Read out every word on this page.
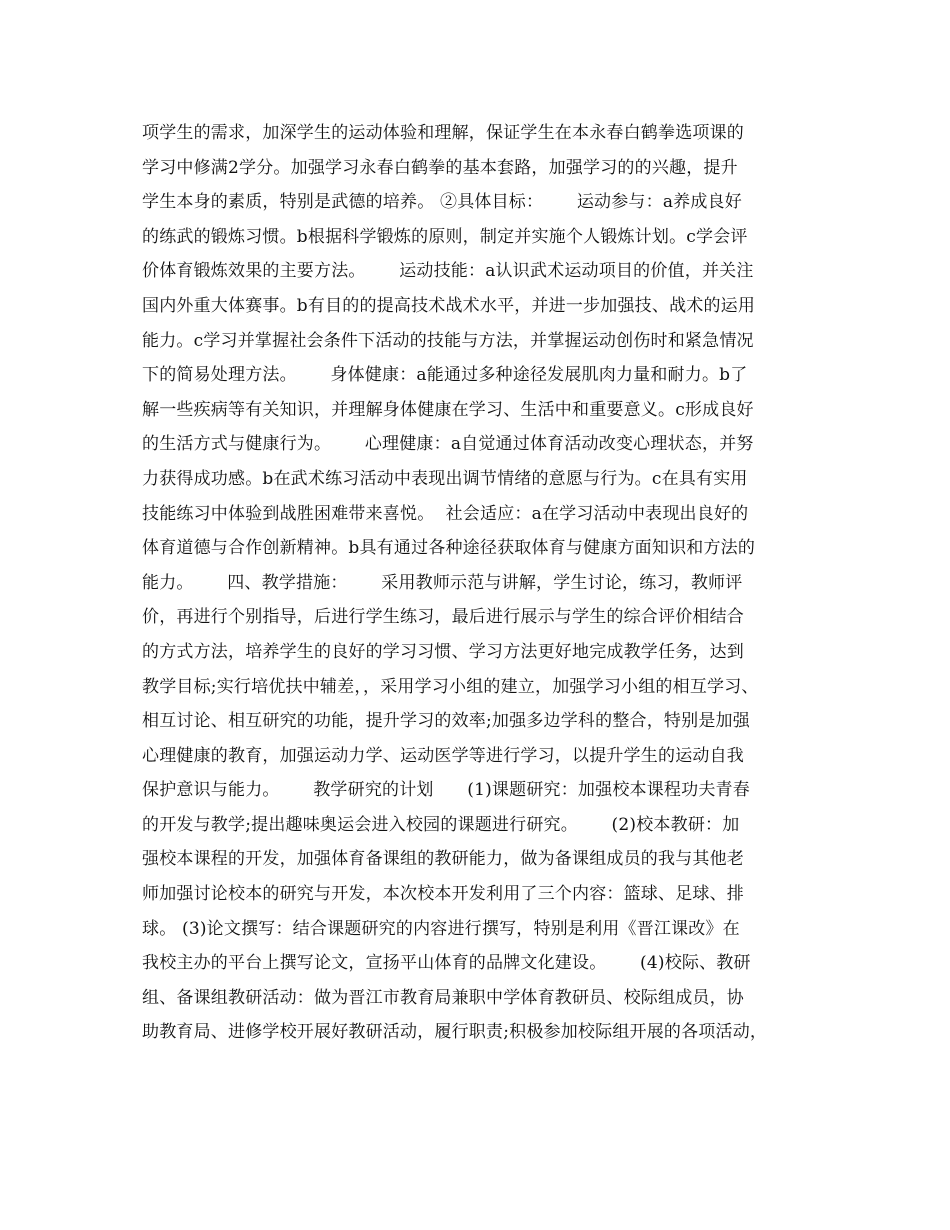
项学生的需求，加深学生的运动体验和理解，保证学生在本永春白鹤拳选项课的
学习中修满2学分。加强学习永春白鹤拳的基本套路，加强学习的的兴趣，提升
学生本身的素质，特别是武德的培养。 ②具体目标：      运动参与：a养成良好
的练武的锻炼习惯。b根据科学锻炼的原则，制定并实施个人锻炼计划。c学会评
价体育锻炼效果的主要方法。      运动技能：a认识武术运动项目的价值，并关注
国内外重大体赛事。b有目的的提高技术战术水平，并进一步加强技、战术的运用
能力。c学习并掌握社会条件下活动的技能与方法，并掌握运动创伤时和紧急情况
下的简易处理方法。      身体健康：a能通过多种途径发展肌肉力量和耐力。b了
解一些疾病等有关知识，并理解身体健康在学习、生活中和重要意义。c形成良好
的生活方式与健康行为。      心理健康：a自觉通过体育活动改变心理状态，并努
力获得成功感。b在武术练习活动中表现出调节情绪的意愿与行为。c在具有实用
技能练习中体验到战胜困难带来喜悦。  社会适应：a在学习活动中表现出良好的
体育道德与合作创新精神。b具有通过各种途径获取体育与健康方面知识和方法的
能力。      四、教学措施：      采用教师示范与讲解，学生讨论，练习，教师评
价，再进行个别指导，后进行学生练习，最后进行展示与学生的综合评价相结合
的方式方法，培养学生的良好的学习习惯、学习方法更好地完成教学任务，达到
教学目标;实行培优扶中辅差，，采用学习小组的建立，加强学习小组的相互学习、
相互讨论、相互研究的功能，提升学习的效率;加强多边学科的整合，特别是加强
心理健康的教育，加强运动力学、运动医学等进行学习，以提升学生的运动自我
保护意识与能力。      教学研究的计划      (1)课题研究：加强校本课程功夫青春
的开发与教学;提出趣味奥运会进入校园的课题进行研究。      (2)校本教研：加
强校本课程的开发，加强体育备课组的教研能力，做为备课组成员的我与其他老
师加强讨论校本的研究与开发，本次校本开发利用了三个内容：篮球、足球、排
球。 (3)论文撰写：结合课题研究的内容进行撰写，特别是利用《晋江课改》在
我校主办的平台上撰写论文，宣扬平山体育的品牌文化建设。      (4)校际、教研
组、备课组教研活动：做为晋江市教育局兼职中学体育教研员、校际组成员，协
助教育局、进修学校开展好教研活动，履行职责;积极参加校际组开展的各项活动，
